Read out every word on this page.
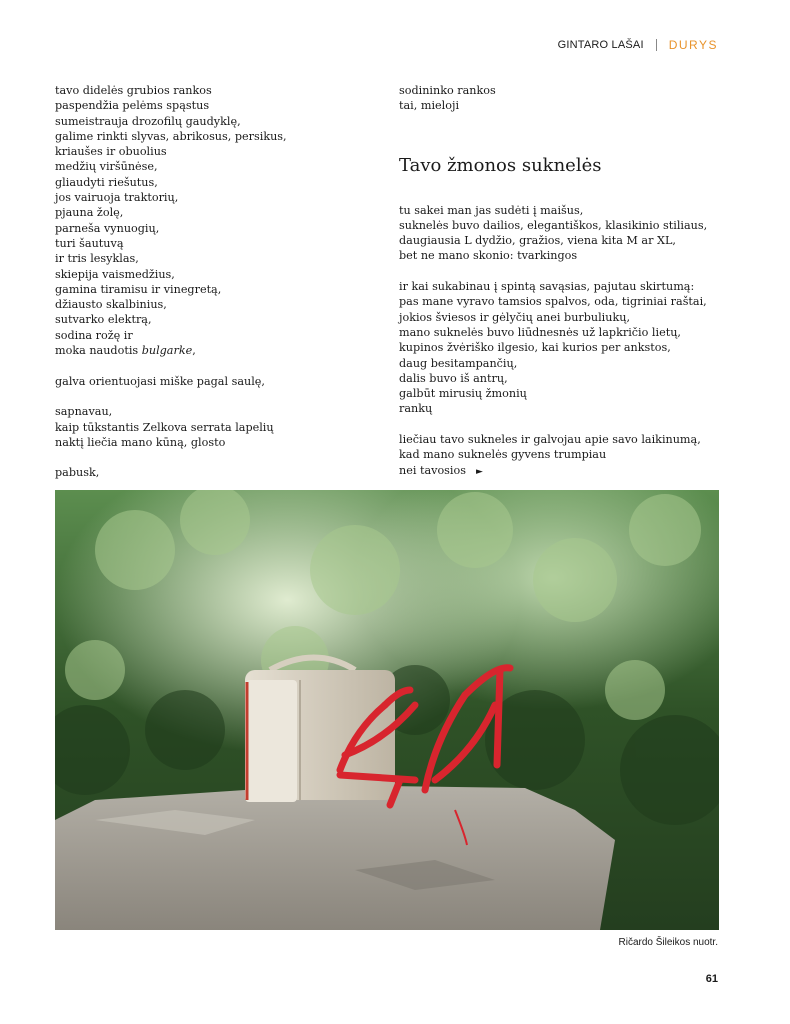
GINTARO LAŠAI DURYS
tavo didelės grubios rankos
paspendžia pelėms spąstus
sumeistrauja drozofilų gaudyklę,
galime rinkti slyvas, abrikosus, persikus,
kriaušes ir obuolius
medžių viršūnėse,
gliaudyti riešutus,
jos vairuoja traktorių,
pjauna žolę,
parneša vynuogių,
turi šautuvą
ir tris lesyklas,
skiepija vaismedžius,
gamina tiramisu ir vinegretą,
džiausto skalbinius,
sutvarko elektrą,
sodina rožę ir
moka naudotis bulgarke,
galva orientuojasi miške pagal saulę,
sapnavau,
kaip tūkstantis Zelkova serrata lapelių
naktį liečia mano kūną, glosto
pabusk,
sodininko rankos
tai, mieloji
Tavo žmonos suknelės
tu sakei man jas sudėti į maišus,
suknelės buvo dailios, elegantiškos, klasikinio stiliaus,
daugiausia L dydžio, gražios, viena kita M ar XL,
bet ne mano skonio: tvarkingos
ir kai sukabinau į spintą savąsias, pajutau skirtumą:
pas mane vyravo tamsios spalvos, oda, tigriniai raštai,
jokios šviesos ir gėlyčių anei burbuliukų,
mano suknelės buvo liūdnesnės už lapkričio lietų,
kupinos žvėriško ilgesio, kai kurios per ankstos,
daug besitampančių,
dalis buvo iš antrų,
galbūt mirusių žmonių
rankų
liečiau tavo sukneles ir galvojau apie savo laikinumą,
kad mano suknelės gyvens trumpiau
nei tavosios ►
Ričardo Šileikos nuotr.
61
